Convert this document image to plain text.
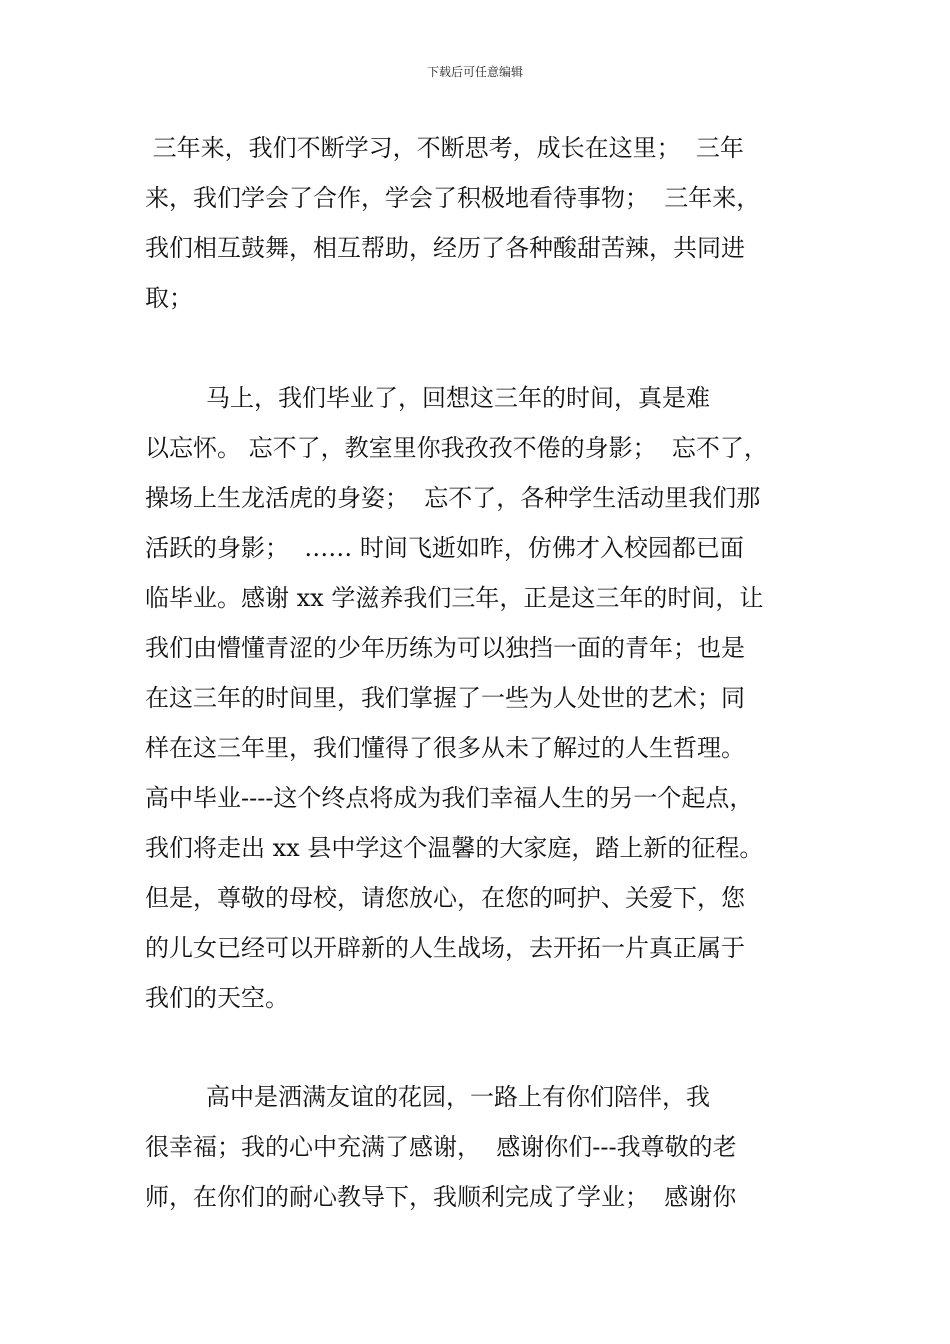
下载后可任意编辑
三年来，我们不断学习，不断思考，成长在这里；  三年
来，我们学会了合作，学会了积极地看待事物；  三年来，
我们相互鼓舞，相互帮助，经历了各种酸甜苦辣，共同进
取；
马上，我们毕业了，回想这三年的时间，真是难
以忘怀。 忘不了，教室里你我孜孜不倦的身影；  忘不了，
操场上生龙活虎的身姿；  忘不了，各种学生活动里我们那
活跃的身影；  …… 时间飞逝如昨，仿佛才入校园都已面
临毕业。感谢 xx 学滋养我们三年，正是这三年的时间，让
我们由懵懂青涩的少年历练为可以独挡一面的青年；也是
在这三年的时间里，我们掌握了一些为人处世的艺术；同
样在这三年里，我们懂得了很多从未了解过的人生哲理。
高中毕业----这个终点将成为我们幸福人生的另一个起点，
我们将走出 xx 县中学这个温馨的大家庭，踏上新的征程。
但是，尊敬的母校，请您放心，在您的呵护、关爱下，您
的儿女已经可以开辟新的人生战场，去开拓一片真正属于
我们的天空。
高中是洒满友谊的花园，一路上有你们陪伴，我
很幸福；我的心中充满了感谢，  感谢你们---我尊敬的老
师，在你们的耐心教导下，我顺利完成了学业；  感谢你
